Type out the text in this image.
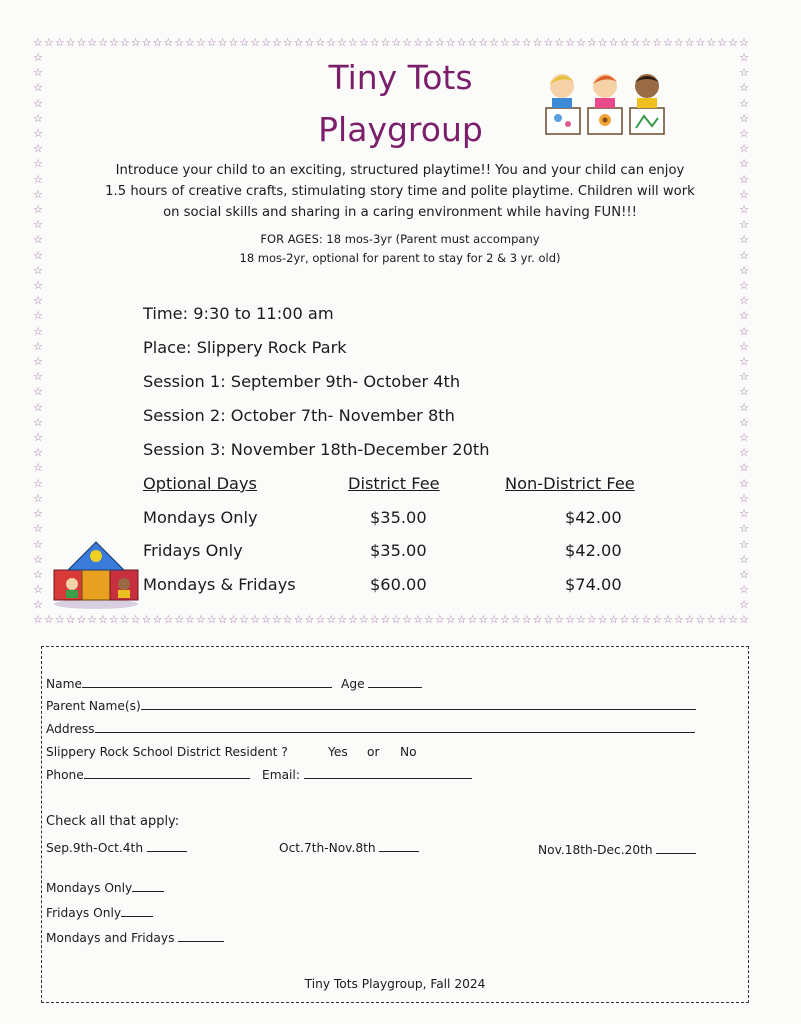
☆☆☆☆☆☆☆☆☆☆☆☆☆☆☆☆☆☆☆☆☆☆☆☆☆☆☆☆☆☆☆☆☆☆☆☆☆☆☆☆☆☆☆☆☆☆☆☆☆☆☆☆☆☆☆☆☆☆☆☆☆☆☆☆☆☆
☆☆☆☆☆☆☆☆☆☆☆☆☆☆☆☆☆☆☆☆☆☆☆☆☆☆☆☆☆☆☆☆☆☆☆☆☆☆☆☆☆☆☆☆☆☆☆☆☆☆☆☆☆☆☆☆☆☆☆☆☆☆☆☆☆☆
☆
☆
☆
☆
☆
☆
☆
☆
☆
☆
☆
☆
☆
☆
☆
☆
☆
☆
☆
☆
☆
☆
☆
☆
☆
☆
☆
☆
☆
☆
☆
☆
☆
☆
☆
☆
☆
☆
☆
☆
☆
☆
☆
☆
☆
☆
☆
☆
☆
☆
☆
☆
☆
☆
☆
☆
☆
☆
☆
☆
☆
☆
☆
☆
☆
☆
☆
☆
☆
☆
☆
☆
☆
☆
Tiny Tots
Playgroup
Introduce your child to an exciting, structured playtime!! You and your child can enjoy
1.5 hours of creative crafts, stimulating story time and polite playtime. Children will work
on social skills and sharing in a caring environment while having FUN!!!
FOR AGES: 18 mos-3yr (Parent must accompany
18 mos-2yr, optional for parent to stay for 2 & 3 yr. old)
Time: 9:30 to 11:00 am
Place: Slippery Rock Park
Session 1: September 9th- October 4th
Session 2: October 7th- November 8th
Session 3: November 18th-December 20th
Optional Days	District Fee	Non-District Fee
Mondays Only	$35.00	$42.00
Fridays Only	$35.00	$42.00
Mondays & Fridays	$60.00	$74.00
Name	Age
Parent Name(s)
Address
Slippery Rock School District Resident ?	Yes or No
Phone	Email:
Check all that apply:
Sep.9th-Oct.4th	Oct.7th-Nov.8th	Nov.18th-Dec.20th
Mondays Only
Fridays Only
Mondays and Fridays
Tiny Tots Playgroup, Fall 2024
